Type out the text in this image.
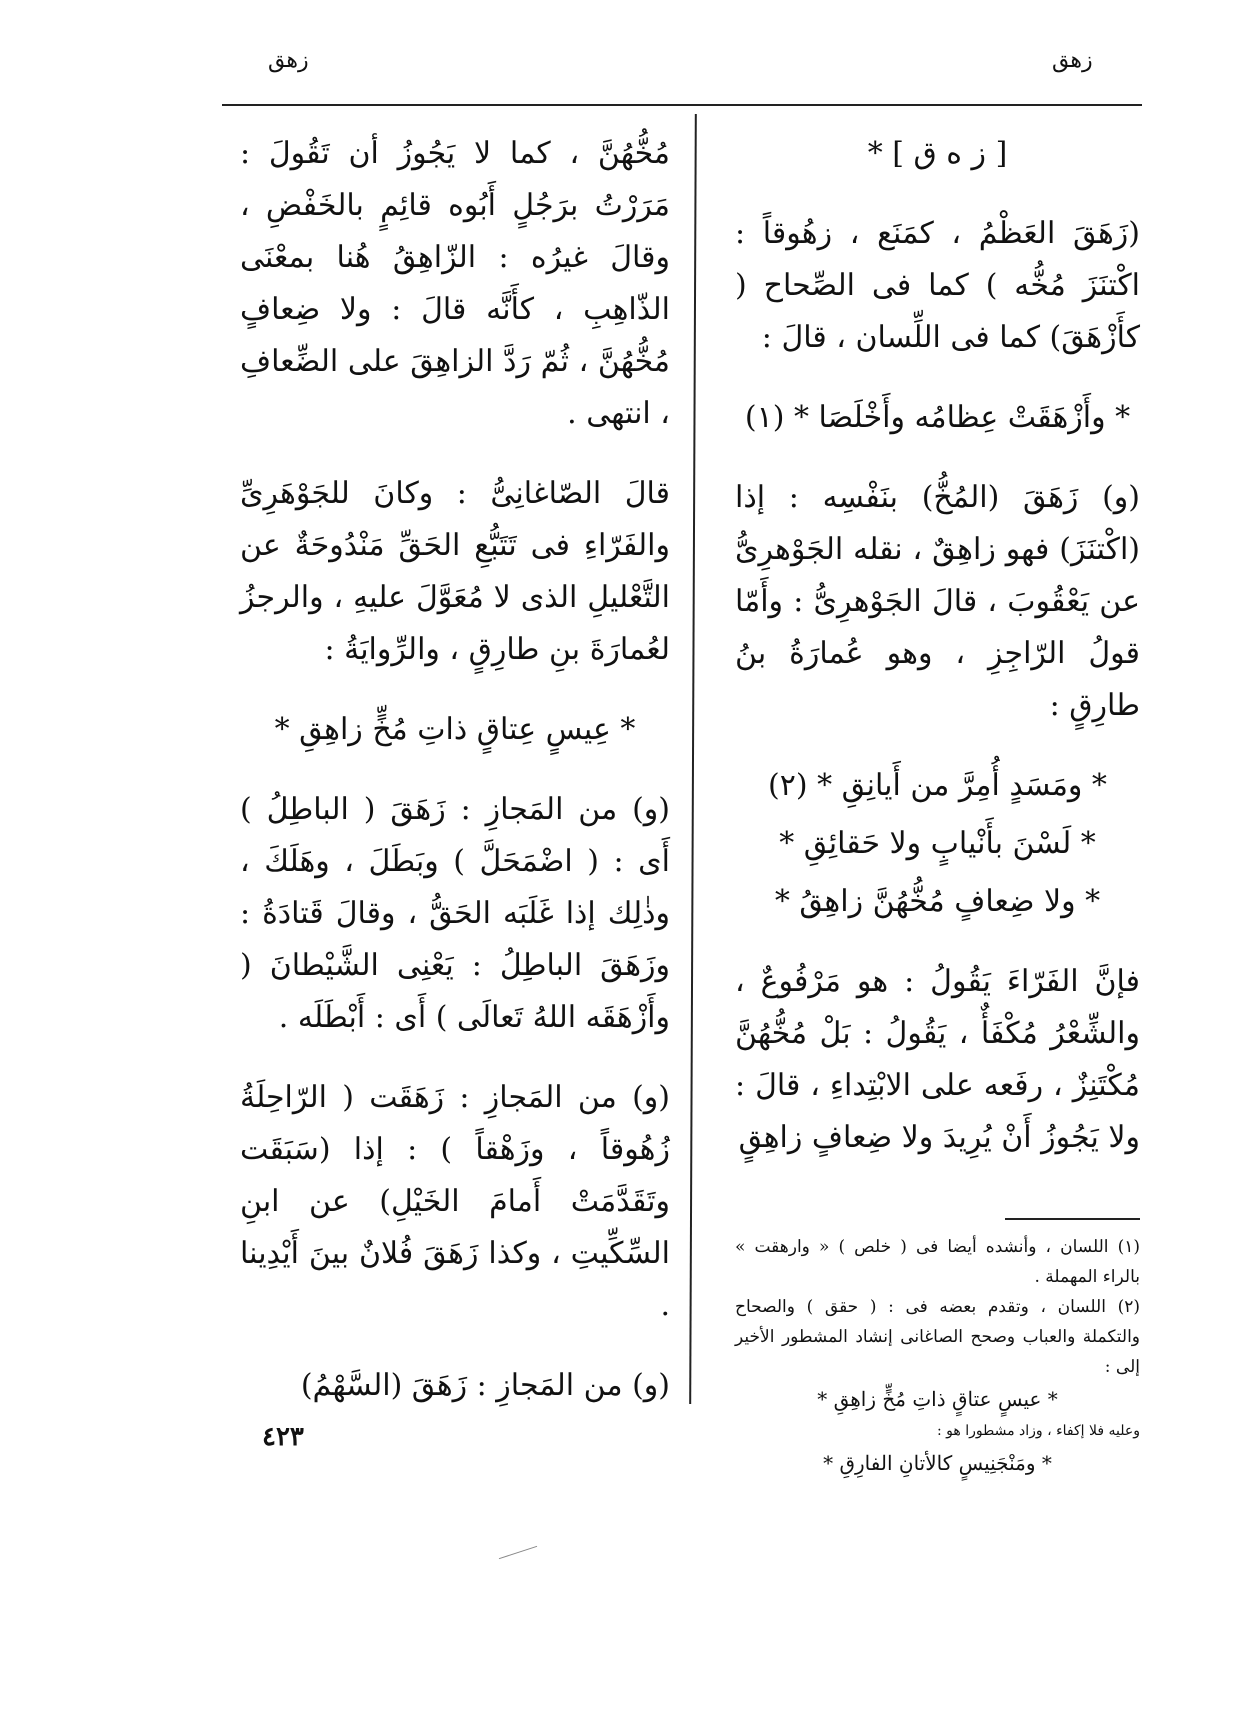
زهق
زهق

[ ز ه ق ] *

(زَهَقَ العَظْمُ ، كمَنَع ، زهُوقاً : اكْتنَزَ مُخُّه ) كما فى الصِّحاح ( كأَزْهَقَ) كما فى اللِّسان ، قالَ :

* وأَزْهَقَتْ عِظامُه وأَخْلَصَا * (١)

(و) زَهَقَ (المُخُّ) بنَفْسِه : إذا (اكْتنَزَ) فهو زاهِقٌ ، نقله الجَوْهرِىُّ عن يَعْقُوبَ ، قالَ الجَوْهرِىُّ : وأَمّا قولُ الرّاجِزِ ، وهو عُمارَةُ بنُ طارِقٍ :

* ومَسَدٍ أُمِرَّ من أَيانِقِ * (٢)

* لَسْنَ بأَنْيابٍ ولا حَقائِقِ *

* ولا ضِعافٍ مُخُّهُنَّ زاهِقُ *

فإنَّ الفَرّاءَ يَقُولُ : هو مَرْفُوعٌ ، والشِّعْرُ مُكْفَأٌ ، يَقُولُ : بَلْ مُخُّهُنَّ مُكْتَنِزٌ ، رفَعه على الابْتِداءِ ، قالَ : ولا يَجُوزُ أَنْ يُرِيدَ ولا ضِعافٍ زاهِقٍ

مُخُّهُنَّ ، كما لا يَجُوزُ أن تَقُولَ : مَرَرْتُ برَجُلٍ أَبُوه قائِمٍ بالخَفْضِ ، وقالَ غيرُه : الزّاهِقُ هُنا بمعْنَى الذّاهِبِ ، كأَنَّه قالَ : ولا ضِعافٍ مُخُّهُنَّ ، ثُمّ رَدَّ الزاهِقَ على الضِّعافِ ، انتهى .

قالَ الصّاغانِىُّ : وكانَ للجَوْهَرِىِّ والفَرّاءِ فى تَتَبُّعِ الحَقِّ مَنْدُوحَةٌ عن التَّعْليلِ الذى لا مُعَوَّلَ عليهِ ، والرجزُ لعُمارَةَ بنِ طارِقٍ ، والرِّوايَةُ :

* عِيسٍ عِتاقٍ ذاتِ مُخٍّ زاهِقِ *

(و) من المَجازِ : زَهَقَ ( الباطِلُ ) أَى : ( اضْمَحَلَّ ) وبَطَلَ ، وهَلَكَ ، وذٰلِك إذا غَلَبَه الحَقُّ ، وقالَ قَتادَةُ : وزَهَقَ الباطِلُ : يَعْنِى الشَّيْطانَ ( وأَزْهَقَه اللهُ تَعالَى ) أَى : أَبْطَلَه .

(و) من المَجازِ : زَهَقَت ( الرّاحِلَةُ زُهُوقاً ، وزَهْقاً ) : إذا (سَبَقَت وتَقَدَّمَتْ أَمامَ الخَيْلِ) عن ابنِ السِّكِّيتِ ، وكذا زَهَقَ فُلانٌ بينَ أَيْدِينا .

(و) من المَجازِ : زَهَقَ (السَّهْمُ)

(١) اللسان ، وأنشده أيضا فى ( خلص ) « وارهقت » بالراء المهملة .

(٢) اللسان ، وتقدم بعضه فى : ( حقق ) والصحاح والتكملة والعباب وصحح الصاغانى إنشاد المشطور الأخير إلى :

* عيسٍ عتاقٍ ذاتِ مُخٍّ زاهِقِ *

وعليه فلا إكفاء ، وزاد مشطورا هو :

* ومَنْجَنِيسٍ كالأتانِ الفارِقِ *

٤٢٣
